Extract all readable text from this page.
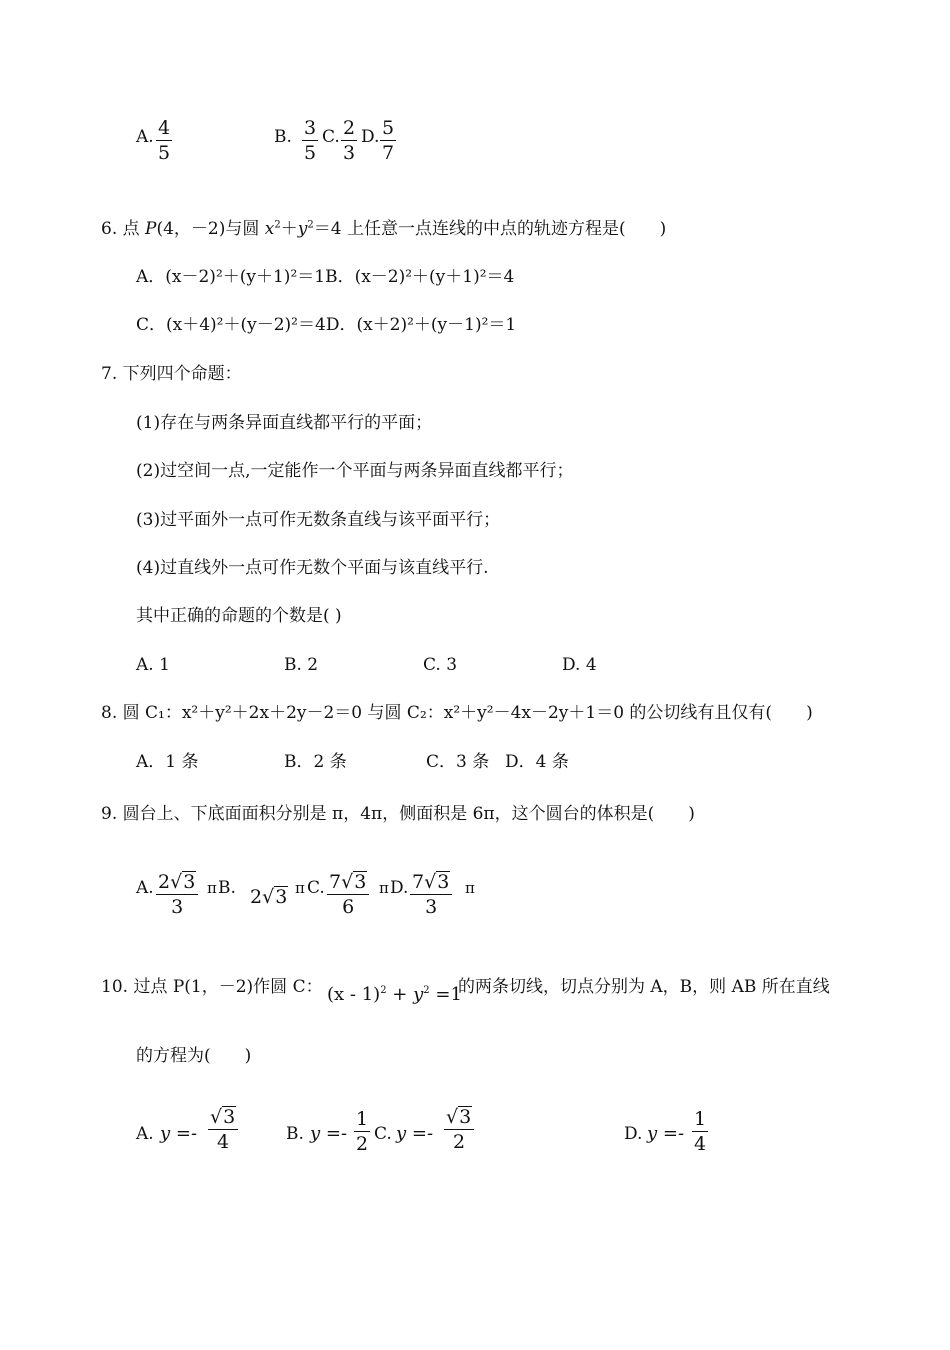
A. 4
5
B. 3
5
C. 2
3
D. 5
7
6. 点 P(4，－2)与圆 $x^2+y^2=4$ 上任意一点连线的中点的轨迹方程是(　　)
A．(x－2)²＋(y＋1)²＝1B．(x－2)²＋(y＋1)²＝4
C．(x＋4)²＋(y－2)²＝4D．(x＋2)²＋(y－1)²＝1
7. 下列四个命题：
(1)存在与两条异面直线都平行的平面；
(2)过空间一点,一定能作一个平面与两条异面直线都平行；
(3)过平面外一点可作无数条直线与该平面平行；
(4)过直线外一点可作无数个平面与该直线平行.
其中正确的命题的个数是( )
A. 1	B. 2	C. 3	D. 4
8. 圆 C₁：x²＋y²＋2x＋2y－2＝0 与圆 C₂：x²＋y²－4x－2y＋1＝0 的公切线有且仅有(　　)
A．1 条	B．2 条	C．3 条 D．4 条
9. 圆台上、下底面面积分别是 π，4π，侧面积是 6π，这个圆台的体积是(　　)
A. 2 √ 3
3
π B. 2 √ 3 π C. 7 √ 3
6
π D. 7 √ 3
3
π
10. 过点 P(1，－2)作圆 C： $(x - 1)^2 + y^2 =1$
的两条切线，切点分别为 A，B，则 AB 所在直线
的方程为(　　)
A. y =-
√ 3
4	B. y =-
1
2 C. y =-
√ 3
2	D. y =-
1
4
